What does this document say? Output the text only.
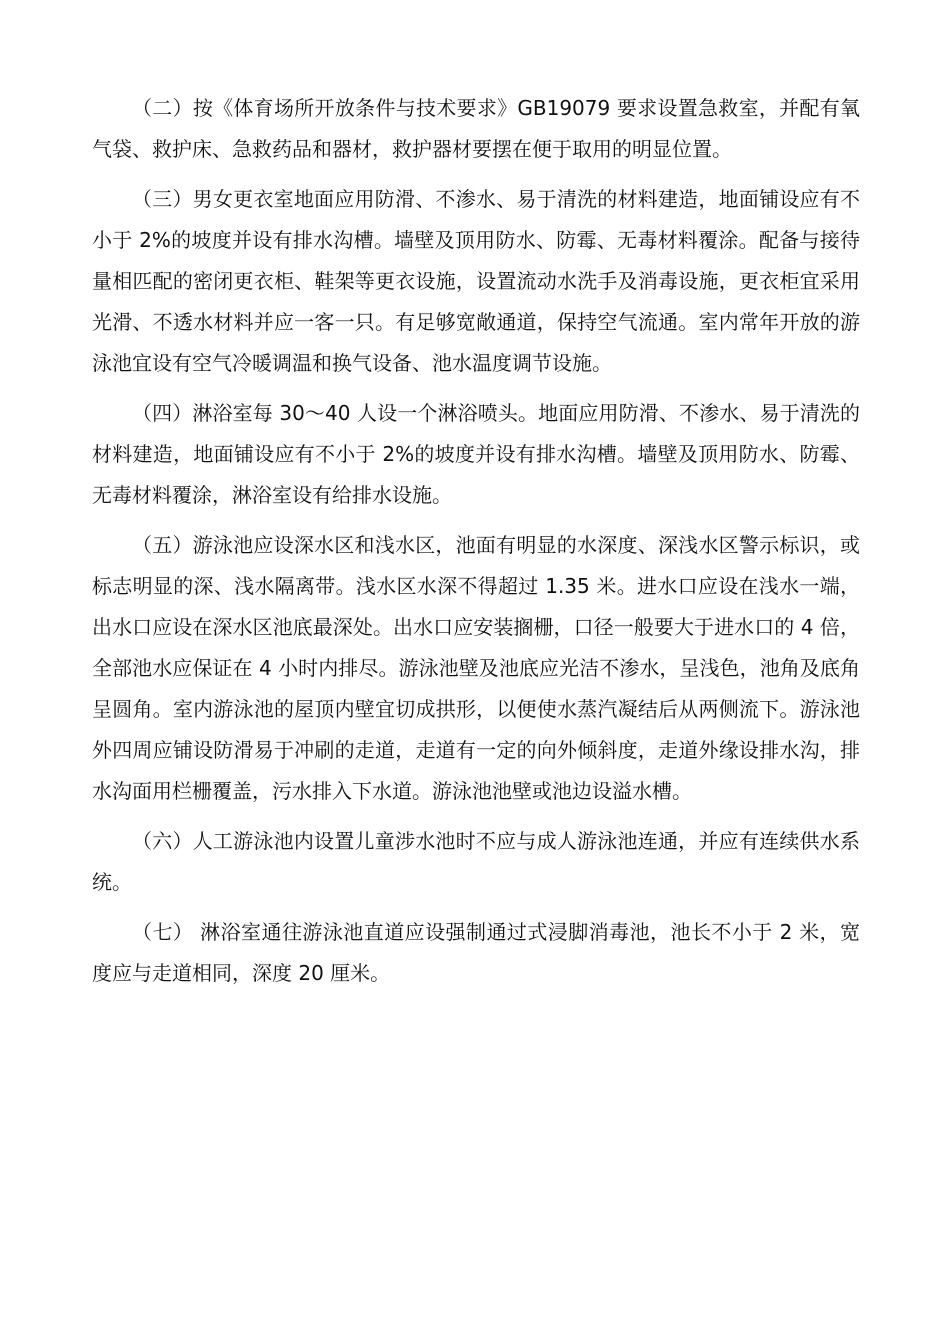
（二）按《体育场所开放条件与技术要求》GB19079 要求设置急救室，并配有氧气袋、救护床、急救药品和器材，救护器材要摆在便于取用的明显位置。

（三）男女更衣室地面应用防滑、不渗水、易于清洗的材料建造，地面铺设应有不小于 2%的坡度并设有排水沟槽。墙壁及顶用防水、防霉、无毒材料覆涂。配备与接待量相匹配的密闭更衣柜、鞋架等更衣设施，设置流动水洗手及消毒设施，更衣柜宜采用光滑、不透水材料并应一客一只。有足够宽敞通道，保持空气流通。室内常年开放的游泳池宜设有空气冷暖调温和换气设备、池水温度调节设施。

（四）淋浴室每 30～40 人设一个淋浴喷头。地面应用防滑、不渗水、易于清洗的材料建造，地面铺设应有不小于 2%的坡度并设有排水沟槽。墙壁及顶用防水、防霉、无毒材料覆涂，淋浴室设有给排水设施。

（五）游泳池应设深水区和浅水区，池面有明显的水深度、深浅水区警示标识，或标志明显的深、浅水隔离带。浅水区水深不得超过 1.35 米。进水口应设在浅水一端，出水口应设在深水区池底最深处。出水口应安装搁栅，口径一般要大于进水口的 4 倍，全部池水应保证在 4 小时内排尽。游泳池壁及池底应光洁不渗水，呈浅色，池角及底角呈圆角。室内游泳池的屋顶内壁宜切成拱形，以便使水蒸汽凝结后从两侧流下。游泳池外四周应铺设防滑易于冲刷的走道，走道有一定的向外倾斜度，走道外缘设排水沟，排水沟面用栏栅覆盖，污水排入下水道。游泳池池壁或池边设溢水槽。

（六）人工游泳池内设置儿童涉水池时不应与成人游泳池连通，并应有连续供水系统。

（七） 淋浴室通往游泳池直道应设强制通过式浸脚消毒池，池长不小于 2 米，宽度应与走道相同，深度 20 厘米。
